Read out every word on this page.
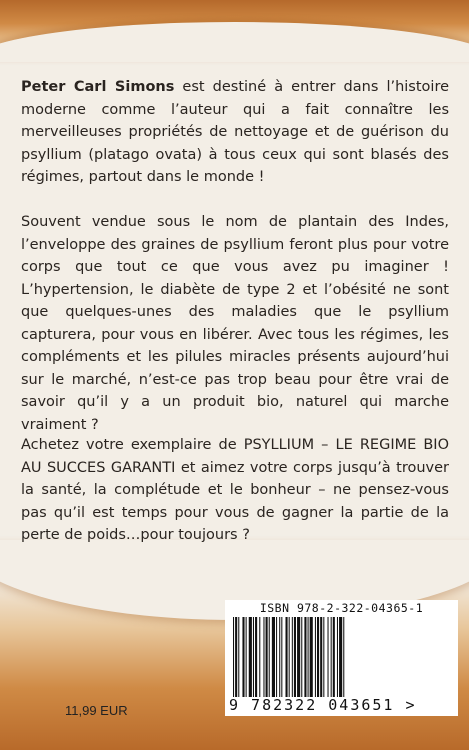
Peter Carl Simons est destiné à entrer dans l’histoire moderne comme l’auteur qui a fait connaître les merveilleuses propriétés de nettoyage et de guérison du psyllium (platago ovata) à tous ceux qui sont blasés des régimes, partout dans le monde !
Souvent vendue sous le nom de plantain des Indes, l’enveloppe des graines de psyllium feront plus pour votre corps que tout ce que vous avez pu imaginer ! L’hypertension, le diabète de type 2 et l’obésité ne sont que quelques-unes des maladies que le psyllium capturera, pour vous en libérer. Avec tous les régimes, les compléments et les pilules miracles présents aujourd’hui sur le marché, n’est-ce pas trop beau pour être vrai de savoir qu’il y a un produit bio, naturel qui marche vraiment ?
Achetez votre exemplaire de PSYLLIUM – LE REGIME BIO AU SUCCES GARANTI et aimez votre corps jusqu’à trouver la santé, la complétude et le bonheur – ne pensez-vous pas qu’il est temps pour vous de gagner la partie de la perte de poids…pour toujours ?
ISBN 978-2-322-04365-1
9 782322 043651 >
11,99 EUR
